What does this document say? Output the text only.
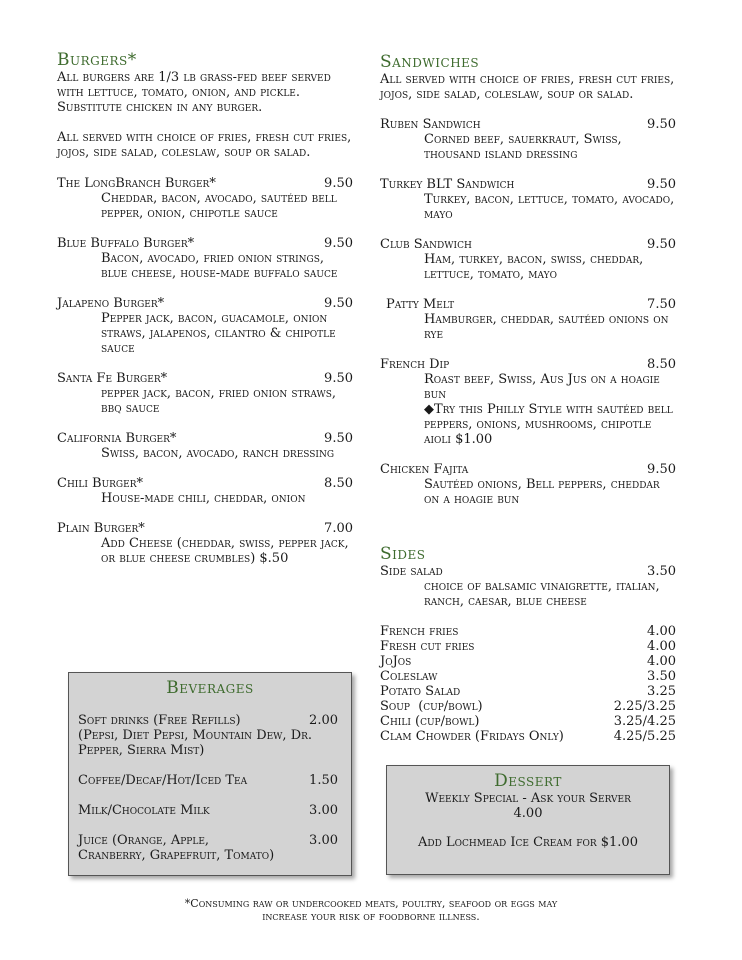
Burgers*

All burgers are 1/3 lb grass-fed beef served with lettuce, tomato, onion, and pickle. Substitute chicken in any burger.

All served with choice of fries, fresh cut fries, jojos, side salad, coleslaw, soup or salad.

The LongBranch Burger*	9.50
Cheddar, bacon, avocado, sautéed bell pepper, onion, chipotle sauce
Blue Buffalo Burger*	9.50
Bacon, avocado, fried onion strings, blue cheese, house-made buffalo sauce
Jalapeno Burger*	9.50
Pepper jack, bacon, guacamole, onion straws, jalapenos, cilantro & chipotle sauce
Santa Fe Burger*	9.50
pepper jack, bacon, fried onion straws, bbq sauce
California Burger*	9.50
Swiss, bacon, avocado, ranch dressing
Chili Burger*	8.50
House-made chili, cheddar, onion
Plain Burger*	7.00
Add Cheese (cheddar, swiss, pepper jack, or blue cheese crumbles) $.50
Beverages
Soft drinks (Free Refills)	2.00
(Pepsi, Diet Pepsi, Mountain Dew, Dr. Pepper, Sierra Mist)
Coffee/Decaf/Hot/Iced Tea	1.50
Milk/Chocolate Milk	3.00
Juice (Orange, Apple,	3.00
Cranberry, Grapefruit, Tomato)
Sandwiches

All served with choice of fries, fresh cut fries, jojos, side salad, coleslaw, soup or salad.

Ruben Sandwich	9.50
Corned beef, sauerkraut, Swiss, thousand island dressing
Turkey BLT Sandwich	9.50
Turkey, bacon, lettuce, tomato, avocado, mayo
Club Sandwich	9.50
Ham, turkey, bacon, swiss, cheddar, lettuce, tomato, mayo
Patty Melt	7.50
Hamburger, cheddar, sautéed onions on rye
French Dip	8.50
Roast beef, Swiss, Aus Jus on a hoagie bun
◆Try this Philly Style with sautéed bell peppers, onions, mushrooms, chipotle aioli $1.00
Chicken Fajita	9.50
Sautéed onions, Bell peppers, cheddar on a hoagie bun
Sides
Side salad	3.50
choice of balsamic vinaigrette, italian, ranch, caesar, blue cheese
French fries	4.00
Fresh cut fries	4.00
JoJos	4.00
Coleslaw	3.50
Potato Salad	3.25
Soup  (cup/bowl)	2.25/3.25
Chili (cup/bowl)	3.25/4.25
Clam Chowder (Fridays Only)	4.25/5.25
Dessert
Weekly Special - Ask your Server
4.00
Add Lochmead Ice Cream for $1.00
*Consuming raw or undercooked meats, poultry, seafood or eggs may
increase your risk of foodborne illness.
